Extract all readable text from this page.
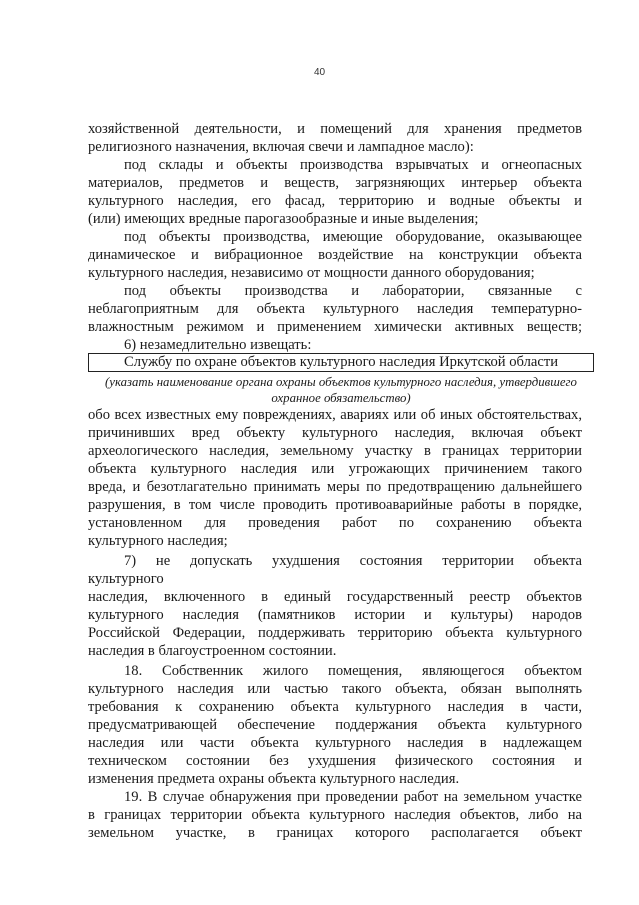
40
хозяйственной деятельности, и помещений для хранения предметов
религиозного назначения, включая свечи и лампадное масло):
под склады и объекты производства взрывчатых и огнеопасных
материалов, предметов и веществ, загрязняющих интерьер объекта
культурного наследия, его фасад, территорию и водные объекты и
(или) имеющих вредные парогазообразные и иные выделения;
под объекты производства, имеющие оборудование, оказывающее
динамическое и вибрационное воздействие на конструкции объекта
культурного наследия, независимо от мощности данного оборудования;
под объекты производства и лаборатории, связанные с
неблагоприятным для объекта культурного наследия температурно-
влажностным режимом и применением химически активных веществ;
6) незамедлительно извещать:
Службу по охране объектов культурного наследия Иркутской области
(указать наименование органа охраны объектов культурного наследия, утвердившего
охранное обязательство)
обо всех известных ему повреждениях, авариях или об иных обстоятельствах,
причинивших вред объекту культурного наследия, включая объект
археологического наследия, земельному участку в границах территории
объекта культурного наследия или угрожающих причинением такого
вреда, и безотлагательно принимать меры по предотвращению дальнейшего
разрушения, в том числе проводить противоаварийные работы в порядке,
установленном для проведения работ по сохранению объекта
культурного наследия;
7) не допускать ухудшения состояния территории объекта
культурного
наследия, включенного в единый государственный реестр объектов
культурного наследия (памятников истории и культуры) народов
Российской Федерации, поддерживать территорию объекта культурного
наследия в благоустроенном состоянии.
18. Собственник жилого помещения, являющегося объектом
культурного наследия или частью такого объекта, обязан выполнять
требования к сохранению объекта культурного наследия в части,
предусматривающей обеспечение поддержания объекта культурного
наследия или части объекта культурного наследия в надлежащем
техническом состоянии без ухудшения физического состояния и
изменения предмета охраны объекта культурного наследия.
19. В случае обнаружения при проведении работ на земельном участке
в границах территории объекта культурного наследия объектов, либо на
земельном участке, в границах которого располагается объект
